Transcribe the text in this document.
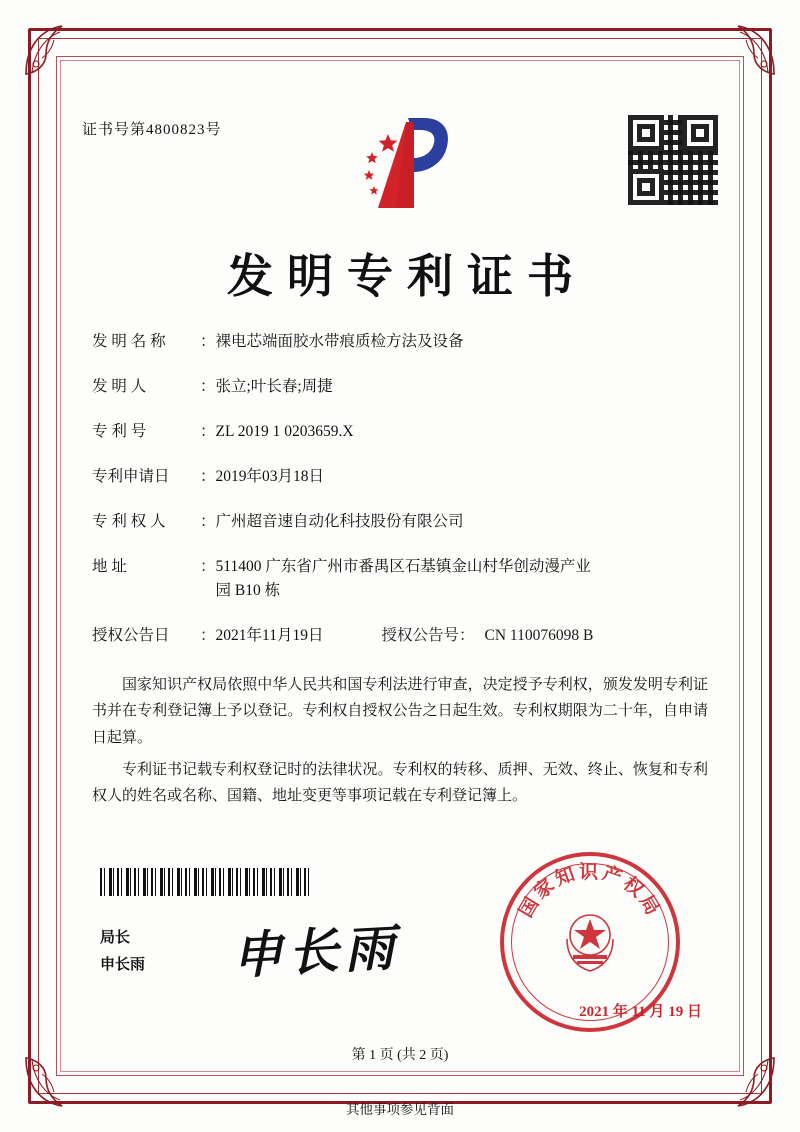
证书号第4800823号
发明专利证书
发 明 名 称	： 裸电芯端面胶水带痕质检方法及设备
发 明 人	： 张立;叶长春;周捷
专 利 号	： ZL 2019 1 0203659.X
专利申请日	： 2019年03月18日
专 利 权 人	： 广州超音速自动化科技股份有限公司
地 址	： 511400 广东省广州市番禺区石基镇金山村华创动漫产业
园 B10 栋
授权公告日	： 2021年11月19日	授权公告号 ： CN 110076098 B

国家知识产权局依照中华人民共和国专利法进行审查，决定授予专利权，颁发发明专利证书并在专利登记簿上予以登记。专利权自授权公告之日起生效。专利权期限为二十年，自申请日起算。

专利证书记载专利权登记时的法律状况。专利权的转移、质押、无效、终止、恢复和专利权人的姓名或名称、国籍、地址变更等事项记载在专利登记簿上。

局长
申长雨 申长雨
国家知识产权局
2021 年 11 月 19 日
第 1 页 (共 2 页)
其他事项参见背面
